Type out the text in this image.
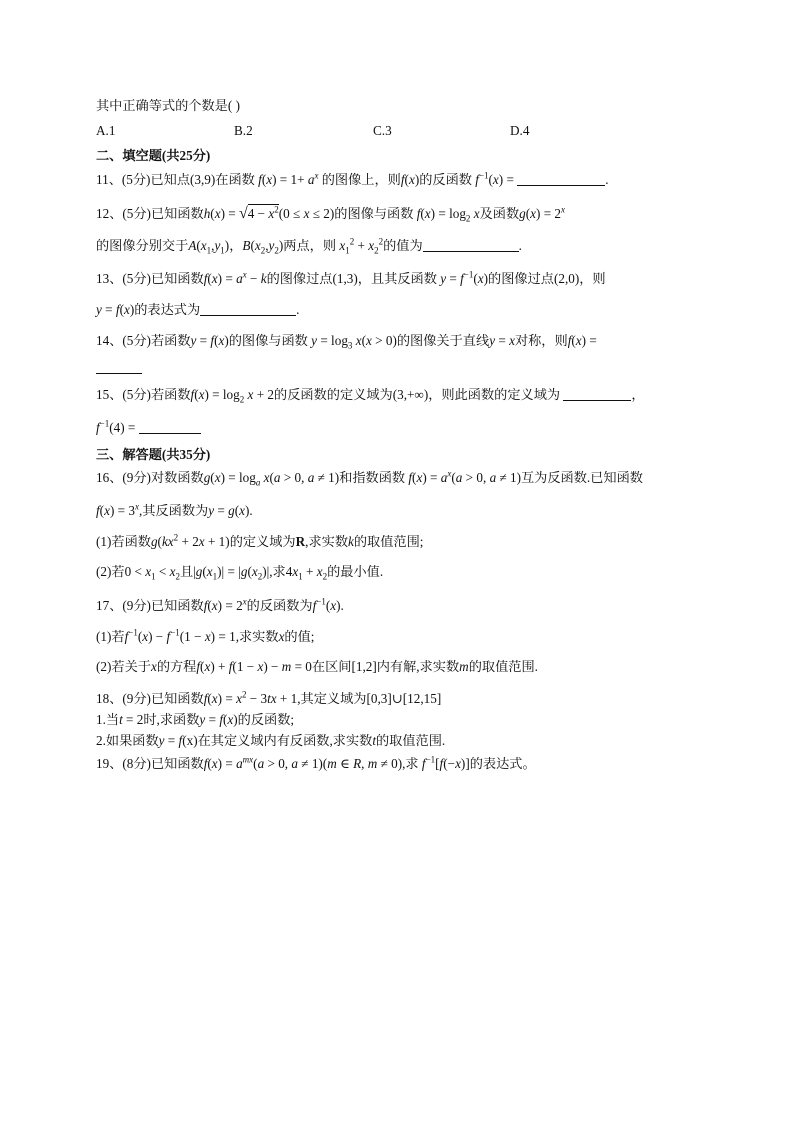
其中正确等式的个数是( )
A.1	B.2	C.3	D.4
二、填空题(共25分)
11、(5分)已知点(3,9)在函数 $f(x) = 1+ a^x$ 的图像上，则f(x)的反函数 $f^{-1}(x)$ =	.
12、(5分)已知函数$h(x) = √4 - x^2(0 \le x \le 2)$的图像与函数 $f(x) = \log_2 x$及函数$g(x) = 2^x$
的图像分别交于$A(x_1,y_1)$，$B(x_2,y_2)$两点，则 $x_1^2 + x_2^2$的值为	.
13、(5分)已知函数$f(x) = a^x - k$的图像过点(1,3)，且其反函数 $y = f^{-1}(x)$的图像过点(2,0)，则
y = f(x)的表达式为	.
14、(5分)若函数y = f(x)的图像与函数 $y = \log_3 x(x > 0)$的图像关于直线y = x对称，则f(x) =
15、(5分)若函数$f(x) = \log_2 x + 2$的反函数的定义域为(3,+∞)，则此函数的定义域为	，
$f^{-1}(4)$ =
三、解答题(共35分)
16、(9分)对数函数$g(x) = \log_a x(a > 0$, a ≠ 1)和指数函数 $f(x) = a^x(a > 0$, a ≠ 1)互为反函数.已知函数
$f(x) = 3^x$,其反函数为y = g(x).
(1)若函数$g(kx^2 + 2x + 1)$的定义域为R,求实数k的取值范围;
(2)若$0 < x_1 < x_2$且$|g(x_1)| = |g(x_2)|$,求$4x_1 + x_2$的最小值.
17、(9分)已知函数$f(x) = 2^x$的反函数为$f^{-1}(x)$.
(1)若$f^{-1}(x) - f^{-1}(1 - x) = 1$,求实数x的值;
(2)若关于x的方程f(x) + f(1 − x) − m = 0在区间[1,2]内有解,求实数m的取值范围.
18、(9分)已知函数$f(x) = x^2 - 3tx + 1$,其定义域为[0,3]∪[12,15]
1.当t = 2时,求函数y = f(x)的反函数;
2.如果函数y = f(x)在其定义域内有反函数,求实数t的取值范围.
19、(8分)已知函数$f(x) = a^{mx}(a > 0$, a ≠ 1)(m ∈ R, m ≠ 0),求 $f^{-1}[f(-x)]$的表达式。
